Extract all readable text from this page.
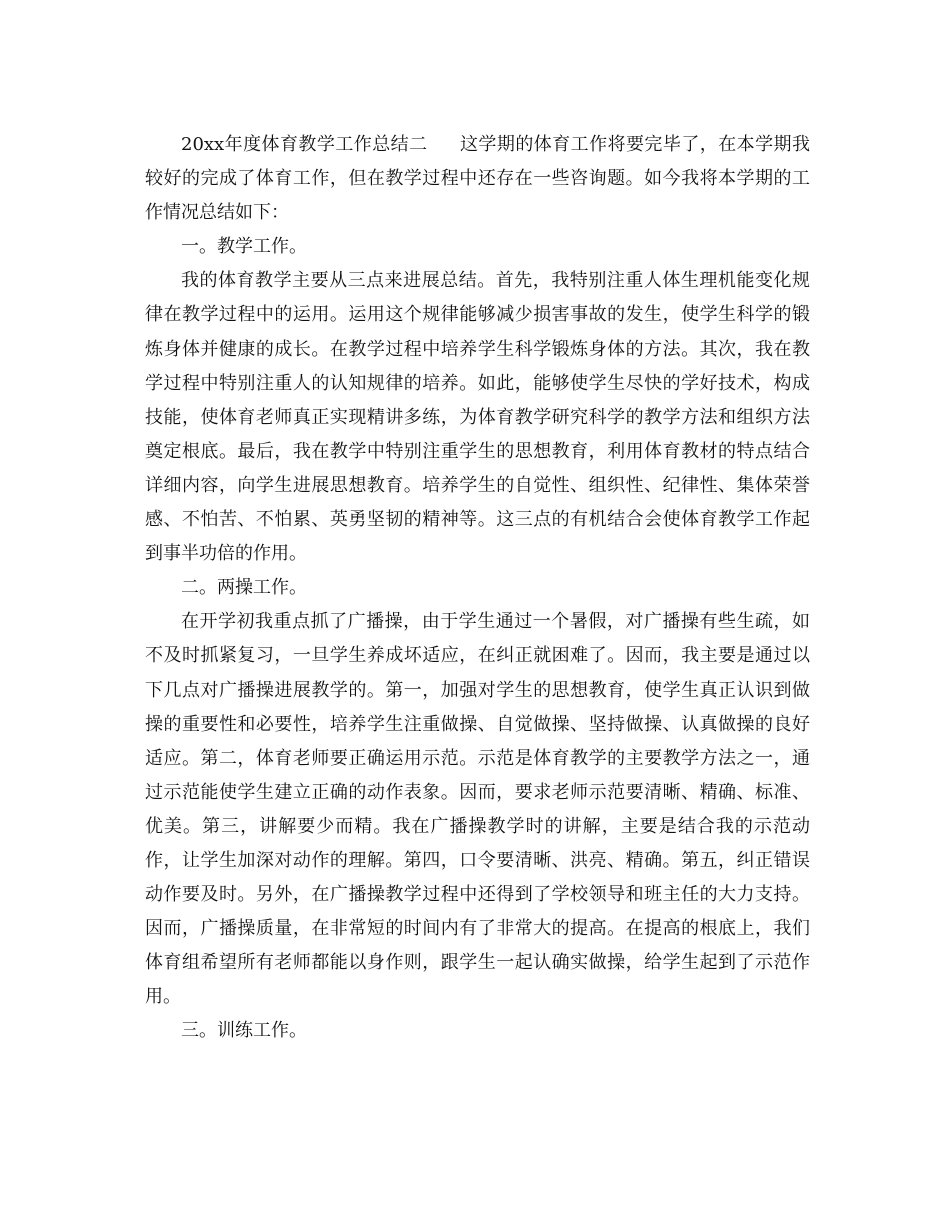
20xx年度体育教学工作总结二 这学期的体育工作将要完毕了，在本学期我较好的完成了体育工作，但在教学过程中还存在一些咨询题。如今我将本学期的工作情况总结如下：

一。教学工作。

我的体育教学主要从三点来进展总结。首先，我特别注重人体生理机能变化规律在教学过程中的运用。运用这个规律能够减少损害事故的发生，使学生科学的锻炼身体并健康的成长。在教学过程中培养学生科学锻炼身体的方法。其次，我在教学过程中特别注重人的认知规律的培养。如此，能够使学生尽快的学好技术，构成技能，使体育老师真正实现精讲多练，为体育教学研究科学的教学方法和组织方法奠定根底。最后，我在教学中特别注重学生的思想教育，利用体育教材的特点结合详细内容，向学生进展思想教育。培养学生的自觉性、组织性、纪律性、集体荣誉感、不怕苦、不怕累、英勇坚韧的精神等。这三点的有机结合会使体育教学工作起到事半功倍的作用。

二。两操工作。

在开学初我重点抓了广播操，由于学生通过一个暑假，对广播操有些生疏，如不及时抓紧复习，一旦学生养成坏适应，在纠正就困难了。因而，我主要是通过以下几点对广播操进展教学的。第一，加强对学生的思想教育，使学生真正认识到做操的重要性和必要性，培养学生注重做操、自觉做操、坚持做操、认真做操的良好适应。第二，体育老师要正确运用示范。示范是体育教学的主要教学方法之一，通过示范能使学生建立正确的动作表象。因而，要求老师示范要清晰、精确、标准、优美。第三，讲解要少而精。我在广播操教学时的讲解，主要是结合我的示范动作，让学生加深对动作的理解。第四，口令要清晰、洪亮、精确。第五，纠正错误动作要及时。另外，在广播操教学过程中还得到了学校领导和班主任的大力支持。因而，广播操质量，在非常短的时间内有了非常大的提高。在提高的根底上，我们体育组希望所有老师都能以身作则，跟学生一起认确实做操，给学生起到了示范作用。

三。训练工作。
